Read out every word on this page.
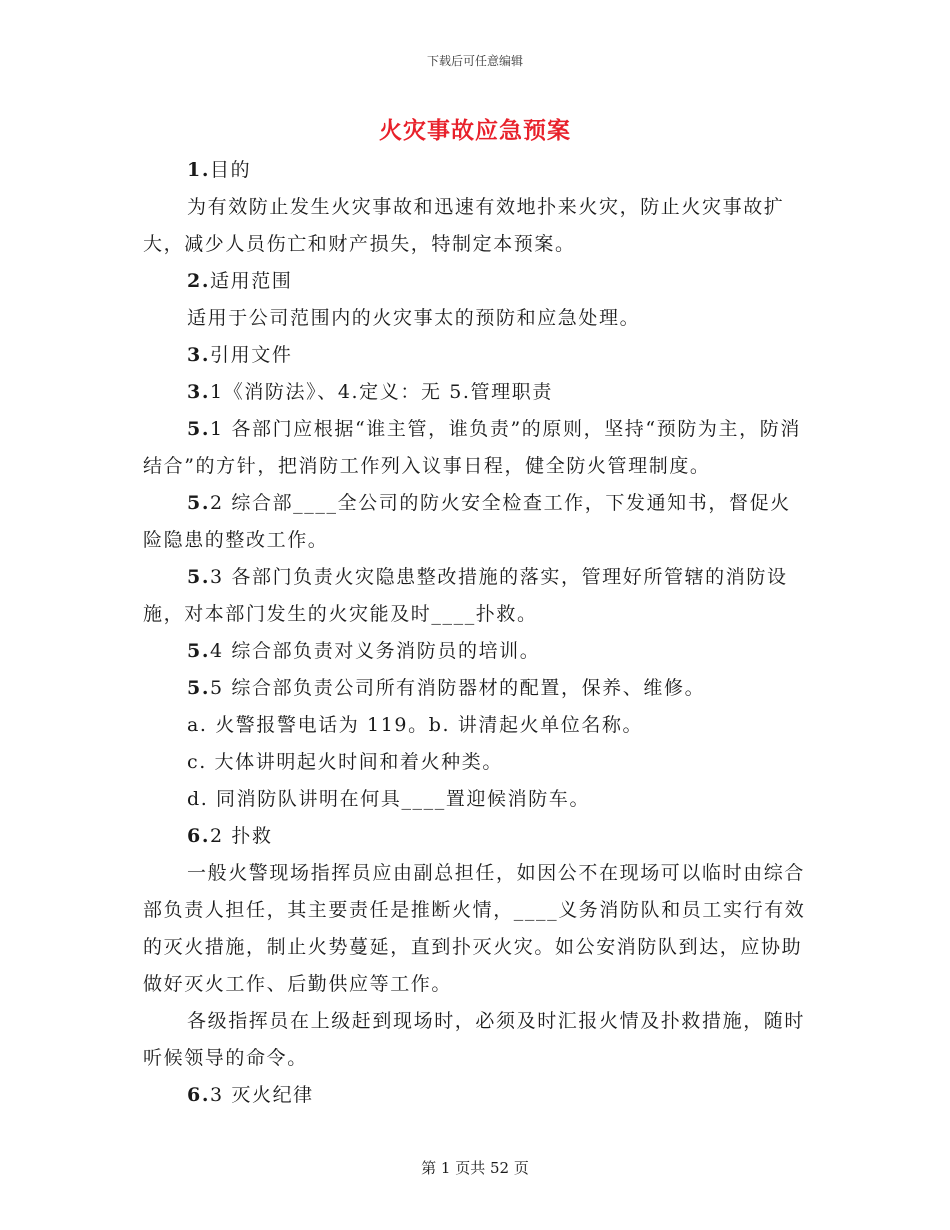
下载后可任意编辑
火灾事故应急预案

1.目的

为有效防止发生火灾事故和迅速有效地扑来火灾，防止火灾事故扩大，减少人员伤亡和财产损失，特制定本预案。

2.适用范围

适用于公司范围内的火灾事太的预防和应急处理。

3.引用文件

3.1《消防法》、4.定义：无 5.管理职责

5.1 各部门应根据“谁主管，谁负责”的原则，坚持“预防为主，防消结合”的方针，把消防工作列入议事日程，健全防火管理制度。

5.2 综合部____全公司的防火安全检查工作，下发通知书，督促火险隐患的整改工作。

5.3 各部门负责火灾隐患整改措施的落实，管理好所管辖的消防设施，对本部门发生的火灾能及时____扑救。

5.4 综合部负责对义务消防员的培训。

5.5 综合部负责公司所有消防器材的配置，保养、维修。

a. 火警报警电话为 119。b. 讲清起火单位名称。

c. 大体讲明起火时间和着火种类。

d. 同消防队讲明在何具____置迎候消防车。

6.2 扑救

一般火警现场指挥员应由副总担任，如因公不在现场可以临时由综合部负责人担任，其主要责任是推断火情，____义务消防队和员工实行有效的灭火措施，制止火势蔓延，直到扑灭火灾。如公安消防队到达，应协助做好灭火工作、后勤供应等工作。

各级指挥员在上级赶到现场时，必须及时汇报火情及扑救措施，随时听候领导的命令。

6.3 灭火纪律

第 1 页共 52 页
